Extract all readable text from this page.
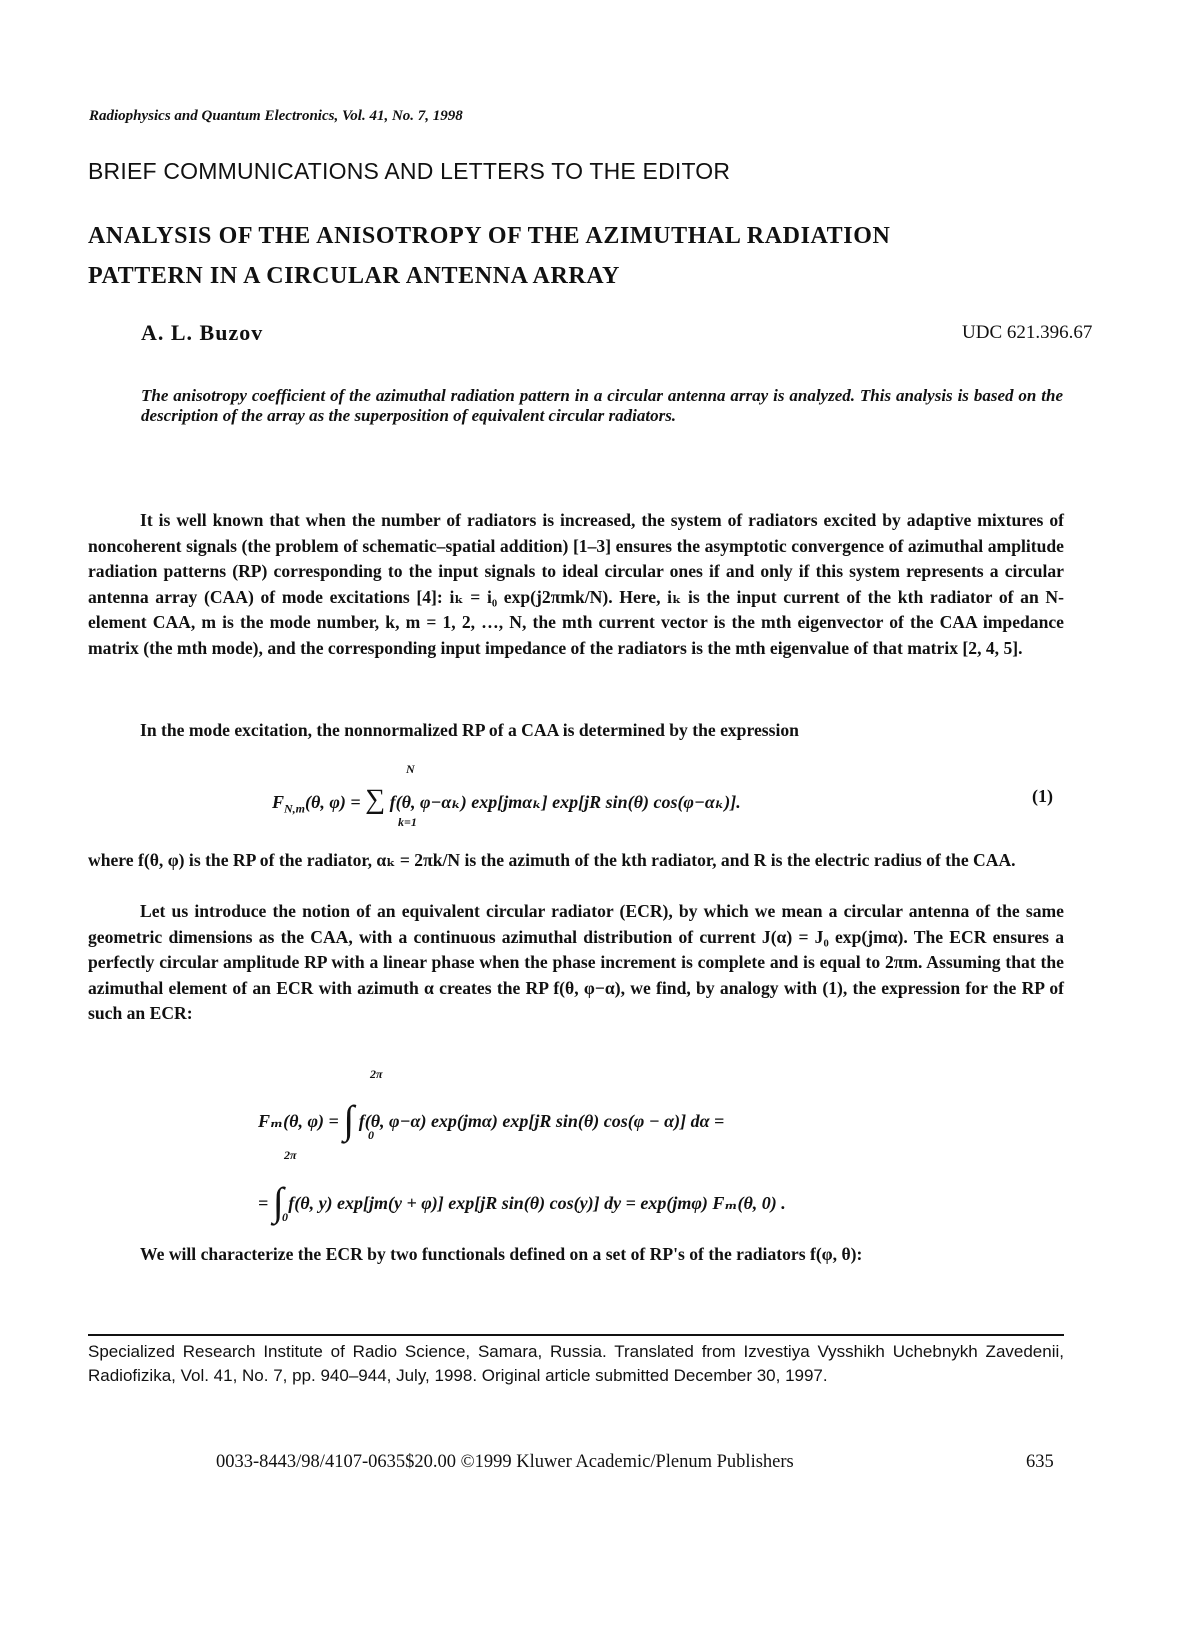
Radiophysics and Quantum Electronics, Vol. 41, No. 7, 1998
BRIEF COMMUNICATIONS AND LETTERS TO THE EDITOR
ANALYSIS OF THE ANISOTROPY OF THE AZIMUTHAL RADIATION
PATTERN IN A CIRCULAR ANTENNA ARRAY
A. L. Buzov	UDC 621.396.67
The anisotropy coefficient of the azimuthal radiation pattern in a circular antenna array is analyzed. This analysis is based on the description of the array as the superposition of equivalent circular radiators.
It is well known that when the number of radiators is increased, the system of radiators excited by adaptive mixtures of noncoherent signals (the problem of schematic–spatial addition) [1–3] ensures the asymptotic convergence of azimuthal amplitude radiation patterns (RP) corresponding to the input signals to ideal circular ones if and only if this system represents a circular antenna array (CAA) of mode excitations [4]: iₖ = i₀ exp(j2πmk/N). Here, iₖ is the input current of the kth radiator of an N-element CAA, m is the mode number, k, m = 1, 2, …, N, the mth current vector is the mth eigenvector of the CAA impedance matrix (the mth mode), and the corresponding input impedance of the radiators is the mth eigenvalue of that matrix [2, 4, 5].
In the mode excitation, the nonnormalized RP of a CAA is determined by the expression
N
$F_{N,m}(\theta$, φ) = ∑ f(θ, φ−αₖ) exp[jmαₖ] exp[jR sin(θ) cos(φ−αₖ)].
k=1
(1)
where f(θ, φ) is the RP of the radiator, αₖ = 2πk/N is the azimuth of the kth radiator, and R is the electric radius of the CAA.
Let us introduce the notion of an equivalent circular radiator (ECR), by which we mean a circular antenna of the same geometric dimensions as the CAA, with a continuous azimuthal distribution of current J(α) = J₀ exp(jmα). The ECR ensures a perfectly circular amplitude RP with a linear phase when the phase increment is complete and is equal to 2πm. Assuming that the azimuthal element of an ECR with azimuth α creates the RP f(θ, φ−α), we find, by analogy with (1), the expression for the RP of such an ECR:
2π
Fₘ(θ, φ) = ∫ f(θ, φ−α) exp(jmα) exp[jR sin(θ) cos(φ − α)] dα =
0
2π
= ∫ f(θ, y) exp[jm(y + φ)] exp[jR sin(θ) cos(y)] dy = exp(jmφ) Fₘ(θ, 0) .
0
We will characterize the ECR by two functionals defined on a set of RP's of the radiators f(φ, θ):
Specialized Research Institute of Radio Science, Samara, Russia. Translated from Izvestiya Vysshikh Uchebnykh Zavedenii, Radiofizika, Vol. 41, No. 7, pp. 940–944, July, 1998. Original article submitted December 30, 1997.
0033-8443/98/4107-0635$20.00 ©1999 Kluwer Academic/Plenum Publishers	635
